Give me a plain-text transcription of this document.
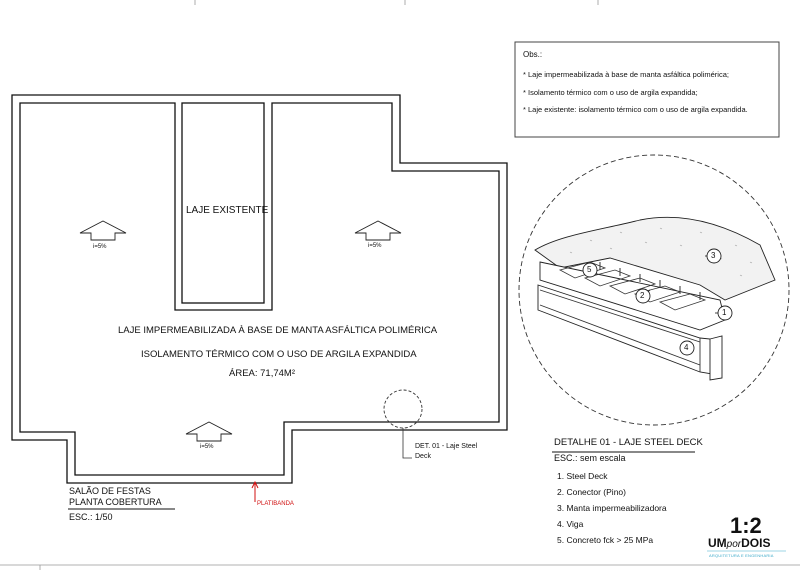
Obs.:
* Laje impermeabilizada à base de manta asfáltica polimérica;
* Isolamento térmico com o uso de argila expandida;
* Laje existente: isolamento térmico com o uso de argila expandida.
LAJE EXISTENTE
i=5%	i=5%
i=5%
LAJE IMPERMEABILIZADA À BASE DE MANTA ASFÁLTICA POLIMÉRICA
ISOLAMENTO TÉRMICO COM O USO DE ARGILA EXPANDIDA
ÁREA: 71,74M²
DET. 01 - Laje Steel
Deck
PLATIBANDA
SALÃO DE FESTAS
PLANTA COBERTURA
ESC.: 1/50
5
2
3
1
4
DETALHE 01 - LAJE STEEL DECK
ESC.: sem escala
1. Steel Deck
2. Conector (Pino)
3. Manta impermeabilizadora
4. Viga
5. Concreto fck > 25 MPa
1:2
UMporDOIS
ARQUITETURA E ENGENHARIA
